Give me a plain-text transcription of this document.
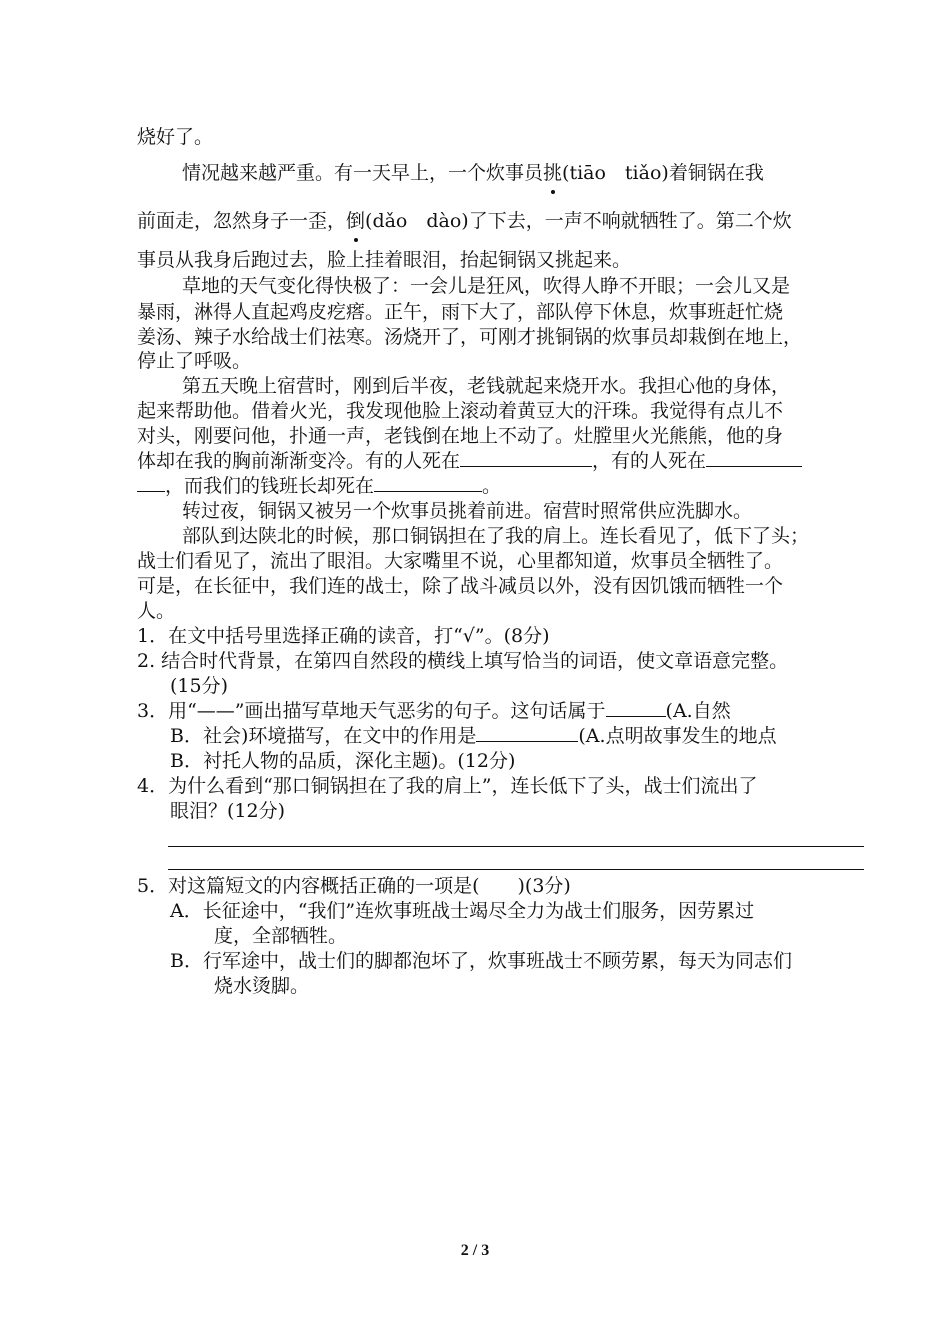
烧好了。
情况越来越严重。有一天早上，一个炊事员挑(tiāo　tiǎo)着铜锅在我
前面走，忽然身子一歪，倒(dǎo　dào)了下去，一声不响就牺牲了。第二个炊
事员从我身后跑过去，脸上挂着眼泪，抬起铜锅又挑起来。
草地的天气变化得快极了：一会儿是狂风，吹得人睁不开眼；一会儿又是
暴雨，淋得人直起鸡皮疙瘩。正午，雨下大了，部队停下休息，炊事班赶忙烧
姜汤、辣子水给战士们祛寒。汤烧开了，可刚才挑铜锅的炊事员却栽倒在地上，
停止了呼吸。
第五天晚上宿营时，刚到后半夜，老钱就起来烧开水。我担心他的身体，
起来帮助他。借着火光，我发现他脸上滚动着黄豆大的汗珠。我觉得有点儿不
对头，刚要问他，扑通一声，老钱倒在地上不动了。灶膛里火光熊熊，他的身
体却在我的胸前渐渐变冷。有的人死在	，有的人死在
，而我们的钱班长却死在	。
转过夜，铜锅又被另一个炊事员挑着前进。宿营时照常供应洗脚水。
部队到达陕北的时候，那口铜锅担在了我的肩上。连长看见了，低下了头；
战士们看见了，流出了眼泪。大家嘴里不说，心里都知道，炊事员全牺牲了。
可是，在长征中，我们连的战士，除了战斗减员以外，没有因饥饿而牺牲一个
人。
1．在文中括号里选择正确的读音，打“√”。(8分)
2. 结合时代背景，在第四自然段的横线上填写恰当的词语，使文章语意完整。
(15分)
3．用“——”画出描写草地天气恶劣的句子。这句话属于	(A.自然
B．社会)环境描写，在文中的作用是	(A.点明故事发生的地点
B．衬托人物的品质，深化主题)。(12分)
4．为什么看到“那口铜锅担在了我的肩上”，连长低下了头，战士们流出了
眼泪？(12分)
5．对这篇短文的内容概括正确的一项是(　　)(3分)
A．长征途中，“我们”连炊事班战士竭尽全力为战士们服务，因劳累过
度，全部牺牲。
B．行军途中，战士们的脚都泡坏了，炊事班战士不顾劳累，每天为同志们
烧水烫脚。
2 / 3
